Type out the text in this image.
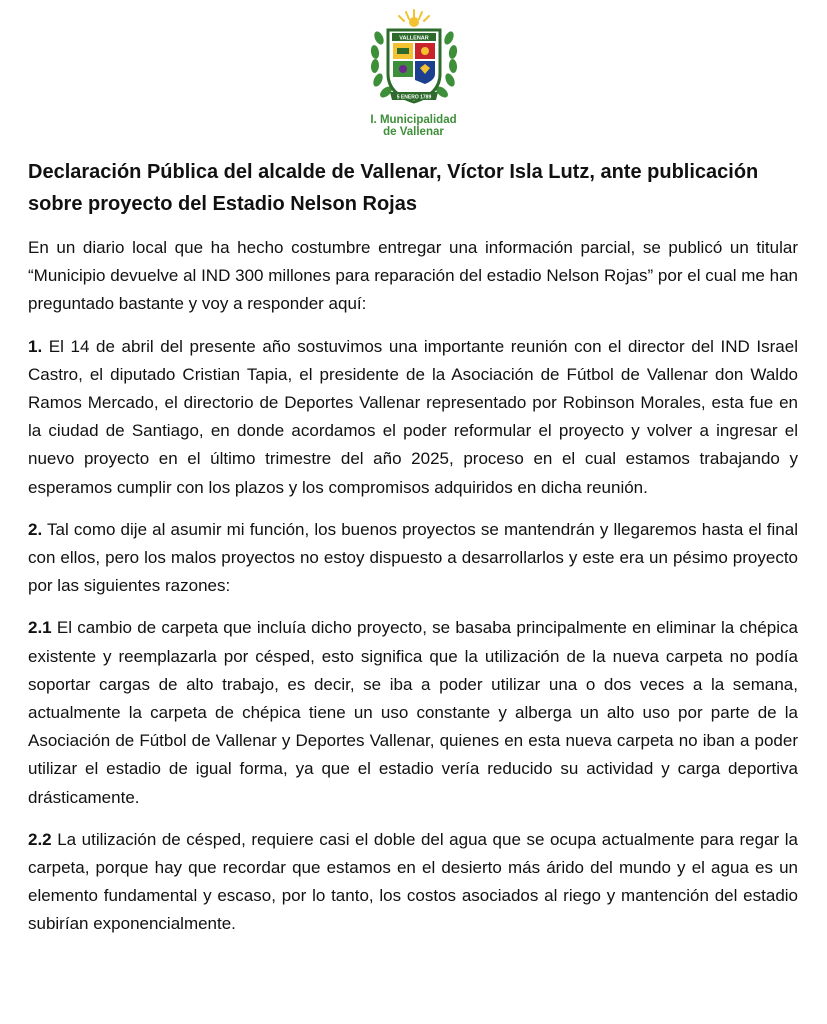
VALLENAR
5 ENERO 1789
I. Municipalidad
de Vallenar
Declaración Pública del alcalde de Vallenar, Víctor Isla Lutz, ante publicación sobre proyecto del Estadio Nelson Rojas

En un diario local que ha hecho costumbre entregar una información parcial, se publicó un titular “Municipio devuelve al IND 300 millones para reparación del estadio Nelson Rojas” por el cual me han preguntado bastante y voy a responder aquí:

1. El 14 de abril del presente año sostuvimos una importante reunión con el director del IND Israel Castro, el diputado Cristian Tapia, el presidente de la Asociación de Fútbol de Vallenar don Waldo Ramos Mercado, el directorio de Deportes Vallenar representado por Robinson Morales, esta fue en la ciudad de Santiago, en donde acordamos el poder reformular el proyecto y volver a ingresar el nuevo proyecto en el último trimestre del año 2025, proceso en el cual estamos trabajando y esperamos cumplir con los plazos y los compromisos adquiridos en dicha reunión.

2. Tal como dije al asumir mi función, los buenos proyectos se mantendrán y llegaremos hasta el final con ellos, pero los malos proyectos no estoy dispuesto a desarrollarlos y este era un pésimo proyecto por las siguientes razones:

2.1 El cambio de carpeta que incluía dicho proyecto, se basaba principalmente en eliminar la chépica existente y reemplazarla por césped, esto significa que la utilización de la nueva carpeta no podía soportar cargas de alto trabajo, es decir, se iba a poder utilizar una o dos veces a la semana, actualmente la carpeta de chépica tiene un uso constante y alberga un alto uso por parte de la Asociación de Fútbol de Vallenar y Deportes Vallenar, quienes en esta nueva carpeta no iban a poder utilizar el estadio de igual forma, ya que el estadio vería reducido su actividad y carga deportiva drásticamente.

2.2 La utilización de césped, requiere casi el doble del agua que se ocupa actualmente para regar la carpeta, porque hay que recordar que estamos en el desierto más árido del mundo y el agua es un elemento fundamental y escaso, por lo tanto, los costos asociados al riego y mantención del estadio subirían exponencialmente.
